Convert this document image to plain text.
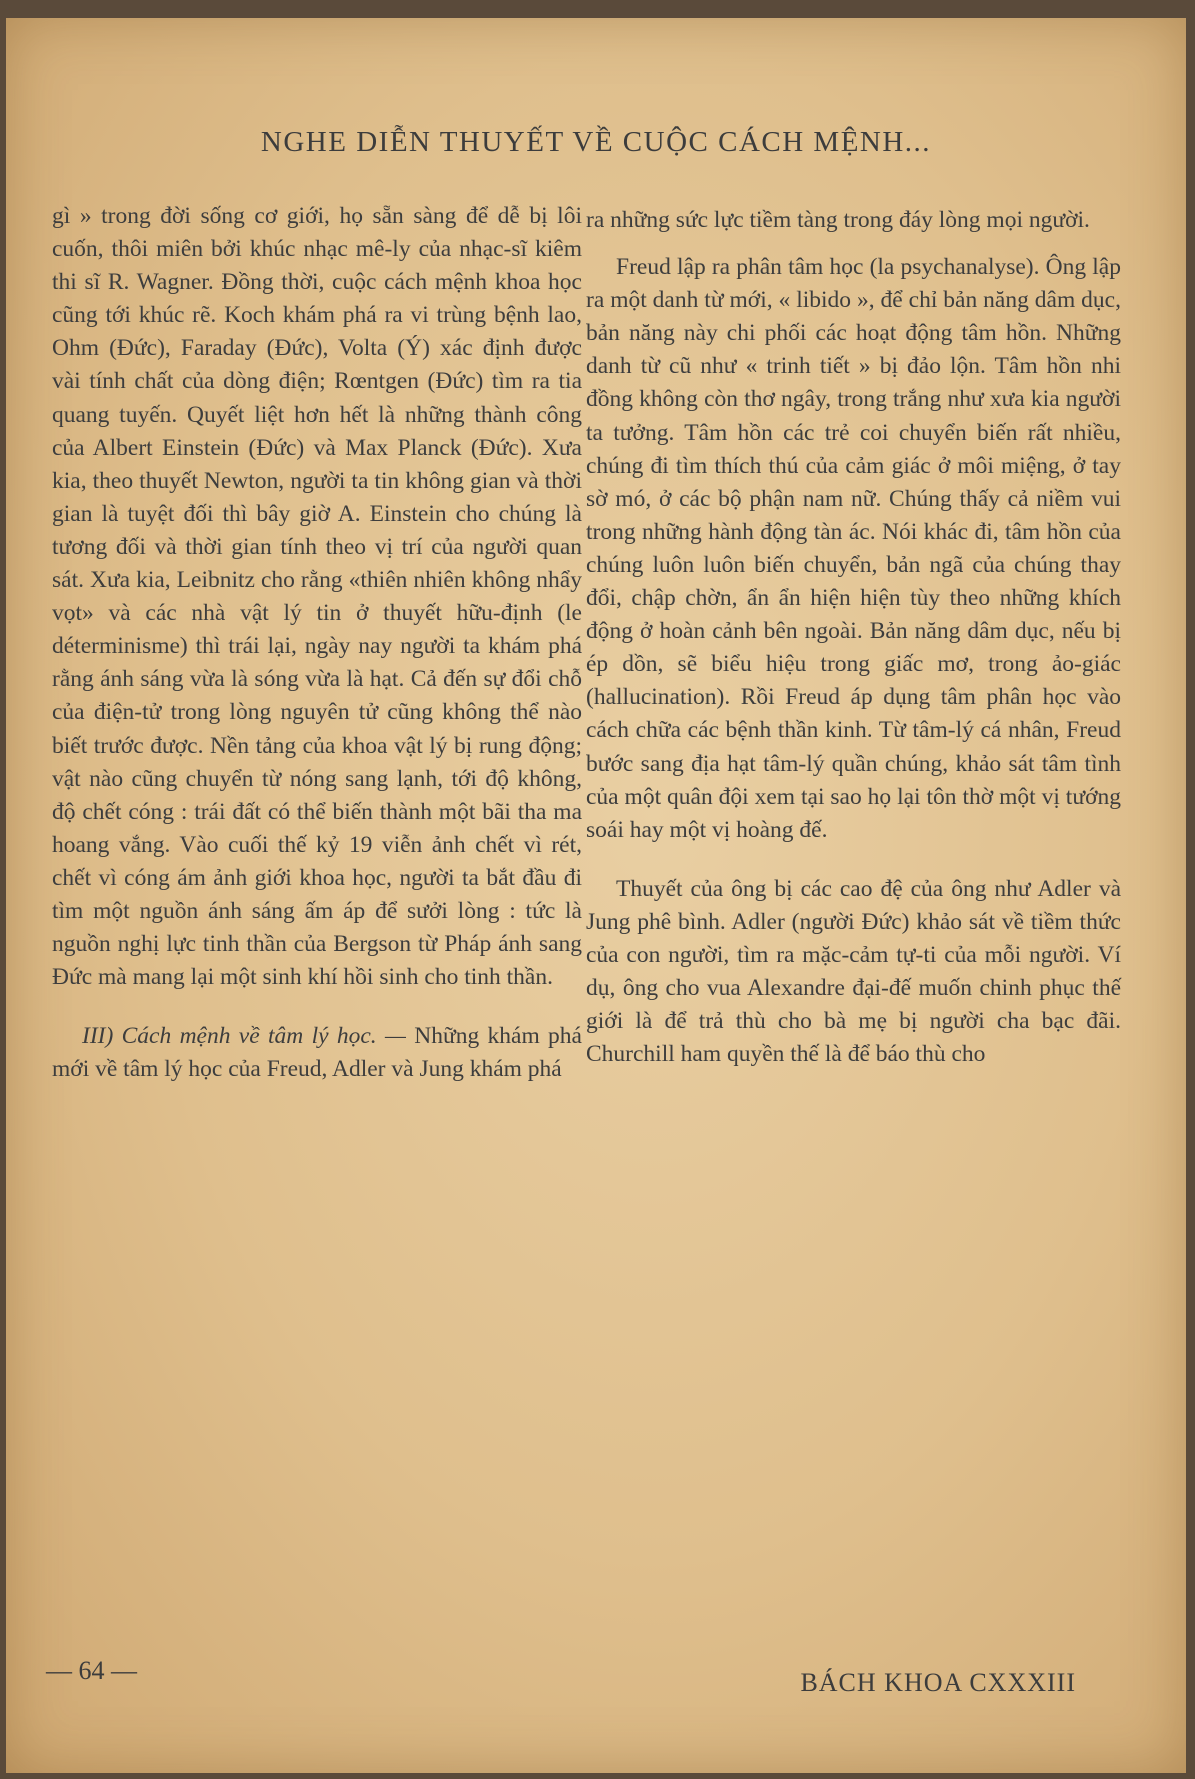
NGHE DIỄN THUYẾT VỀ CUỘC CÁCH MỆNH...

gì » trong đời sống cơ giới, họ sẵn sàng để dễ bị lôi cuốn, thôi miên bởi khúc nhạc mê-ly của nhạc-sĩ kiêm thi sĩ R. Wagner. Đồng thời, cuộc cách mệnh khoa học cũng tới khúc rẽ. Koch khám phá ra vi trùng bệnh lao, Ohm (Đức), Faraday (Đức), Volta (Ý) xác định được vài tính chất của dòng điện; Rœntgen (Đức) tìm ra tia quang tuyến. Quyết liệt hơn hết là những thành công của Albert Einstein (Đức) và Max Planck (Đức). Xưa kia, theo thuyết Newton, người ta tin không gian và thời gian là tuyệt đối thì bây giờ A. Einstein cho chúng là tương đối và thời gian tính theo vị trí của người quan sát. Xưa kia, Leibnitz cho rằng «thiên nhiên không nhẩy vọt» và các nhà vật lý tin ở thuyết hữu-định (le déterminisme) thì trái lại, ngày nay người ta khám phá rằng ánh sáng vừa là sóng vừa là hạt. Cả đến sự đổi chỗ của điện-tử trong lòng nguyên tử cũng không thể nào biết trước được. Nền tảng của khoa vật lý bị rung động; vật nào cũng chuyển từ nóng sang lạnh, tới độ không, độ chết cóng : trái đất có thể biến thành một bãi tha ma hoang vắng. Vào cuối thế kỷ 19 viễn ảnh chết vì rét, chết vì cóng ám ảnh giới khoa học, người ta bắt đầu đi tìm một nguồn ánh sáng ấm áp để sưởi lòng : tức là nguồn nghị lực tinh thần của Bergson từ Pháp ánh sang Đức mà mang lại một sinh khí hồi sinh cho tinh thần.

III) Cách mệnh về tâm lý học. — Những khám phá mới về tâm lý học của Freud, Adler và Jung khám phá

ra những sức lực tiềm tàng trong đáy lòng mọi người.

Freud lập ra phân tâm học (la psychanalyse). Ông lập ra một danh từ mới, « libido », để chỉ bản năng dâm dục, bản năng này chi phối các hoạt động tâm hồn. Những danh từ cũ như « trinh tiết » bị đảo lộn. Tâm hồn nhi đồng không còn thơ ngây, trong trắng như xưa kia người ta tưởng. Tâm hồn các trẻ coi chuyển biến rất nhiều, chúng đi tìm thích thú của cảm giác ở môi miệng, ở tay sờ mó, ở các bộ phận nam nữ. Chúng thấy cả niềm vui trong những hành động tàn ác. Nói khác đi, tâm hồn của chúng luôn luôn biến chuyển, bản ngã của chúng thay đổi, chập chờn, ẩn ẩn hiện hiện tùy theo những khích động ở hoàn cảnh bên ngoài. Bản năng dâm dục, nếu bị ép dồn, sẽ biểu hiệu trong giấc mơ, trong ảo-giác (hallucination). Rồi Freud áp dụng tâm phân học vào cách chữa các bệnh thần kinh. Từ tâm-lý cá nhân, Freud bước sang địa hạt tâm-lý quần chúng, khảo sát tâm tình của một quân đội xem tại sao họ lại tôn thờ một vị tướng soái hay một vị hoàng đế.

Thuyết của ông bị các cao đệ của ông như Adler và Jung phê bình. Adler (người Đức) khảo sát về tiềm thức của con người, tìm ra mặc-cảm tự-ti của mỗi người. Ví dụ, ông cho vua Alexandre đại-đế muốn chinh phục thế giới là để trả thù cho bà mẹ bị người cha bạc đãi. Churchill ham quyền thế là để báo thù cho

— 64 —	BÁCH KHOA CXXXIII
